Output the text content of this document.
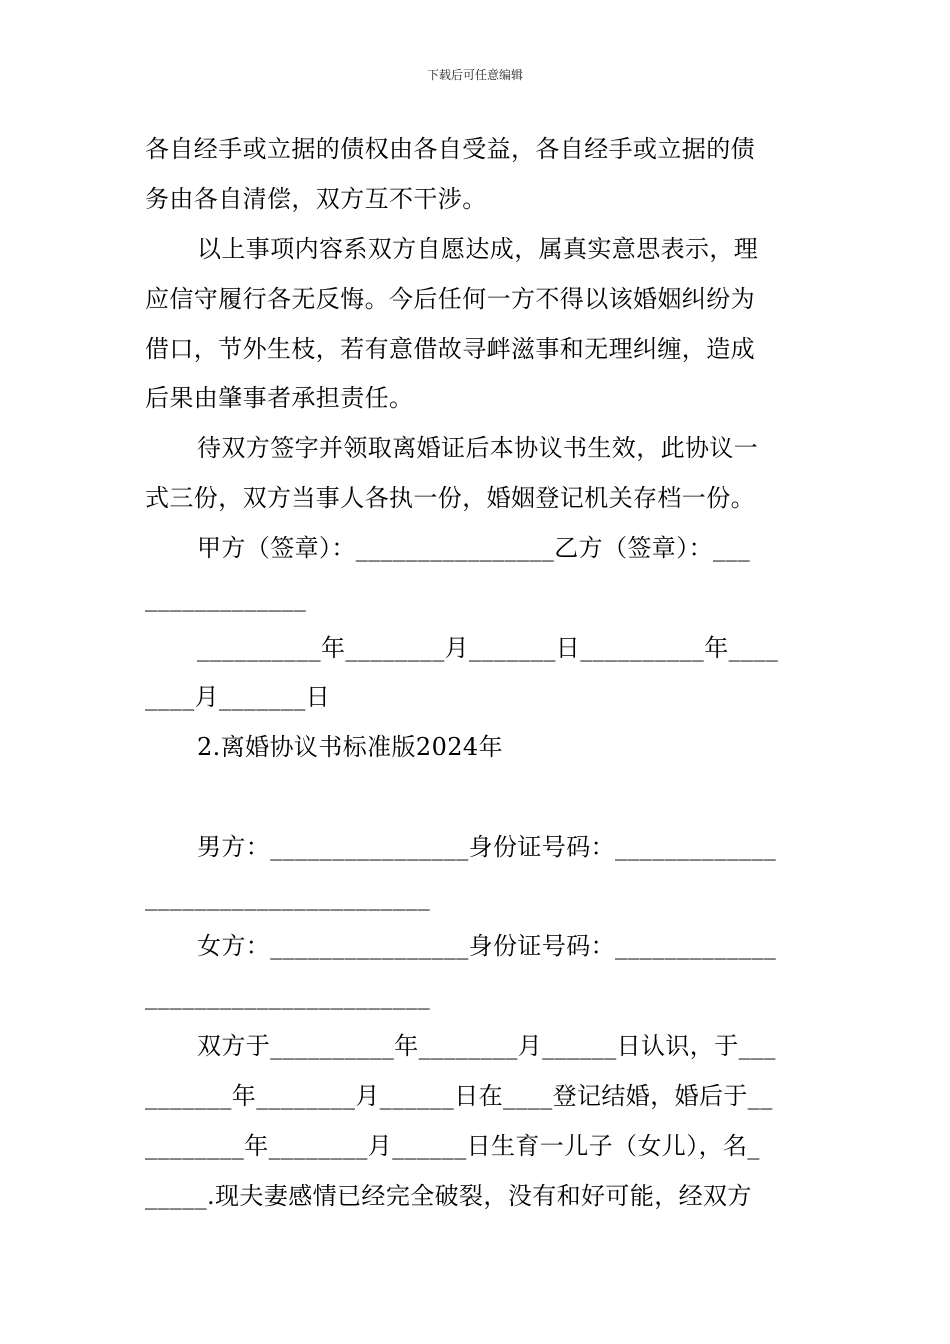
下载后可任意编辑
各自经手或立据的债权由各自受益，各自经手或立据的债
务由各自清偿，双方互不干涉。
以上事项内容系双方自愿达成，属真实意思表示，理
应信守履行各无反悔。今后任何一方不得以该婚姻纠纷为
借口，节外生枝，若有意借故寻衅滋事和无理纠缠，造成
后果由肇事者承担责任。
待双方签字并领取离婚证后本协议书生效，此协议一
式三份，双方当事人各执一份，婚姻登记机关存档一份。
甲方（签章）：________________乙方（签章）：___
_____________
__________年________月_______日__________年____
____月_______日
2.离婚协议书标准版2024年
男方：________________身份证号码：_____________
_______________________
女方：________________身份证号码：_____________
_______________________
双方于__________年________月______日认识，于___
_______年________月______日在____登记结婚，婚后于__
________年________月______日生育一儿子（女儿），名_
_____.现夫妻感情已经完全破裂，没有和好可能，经双方
